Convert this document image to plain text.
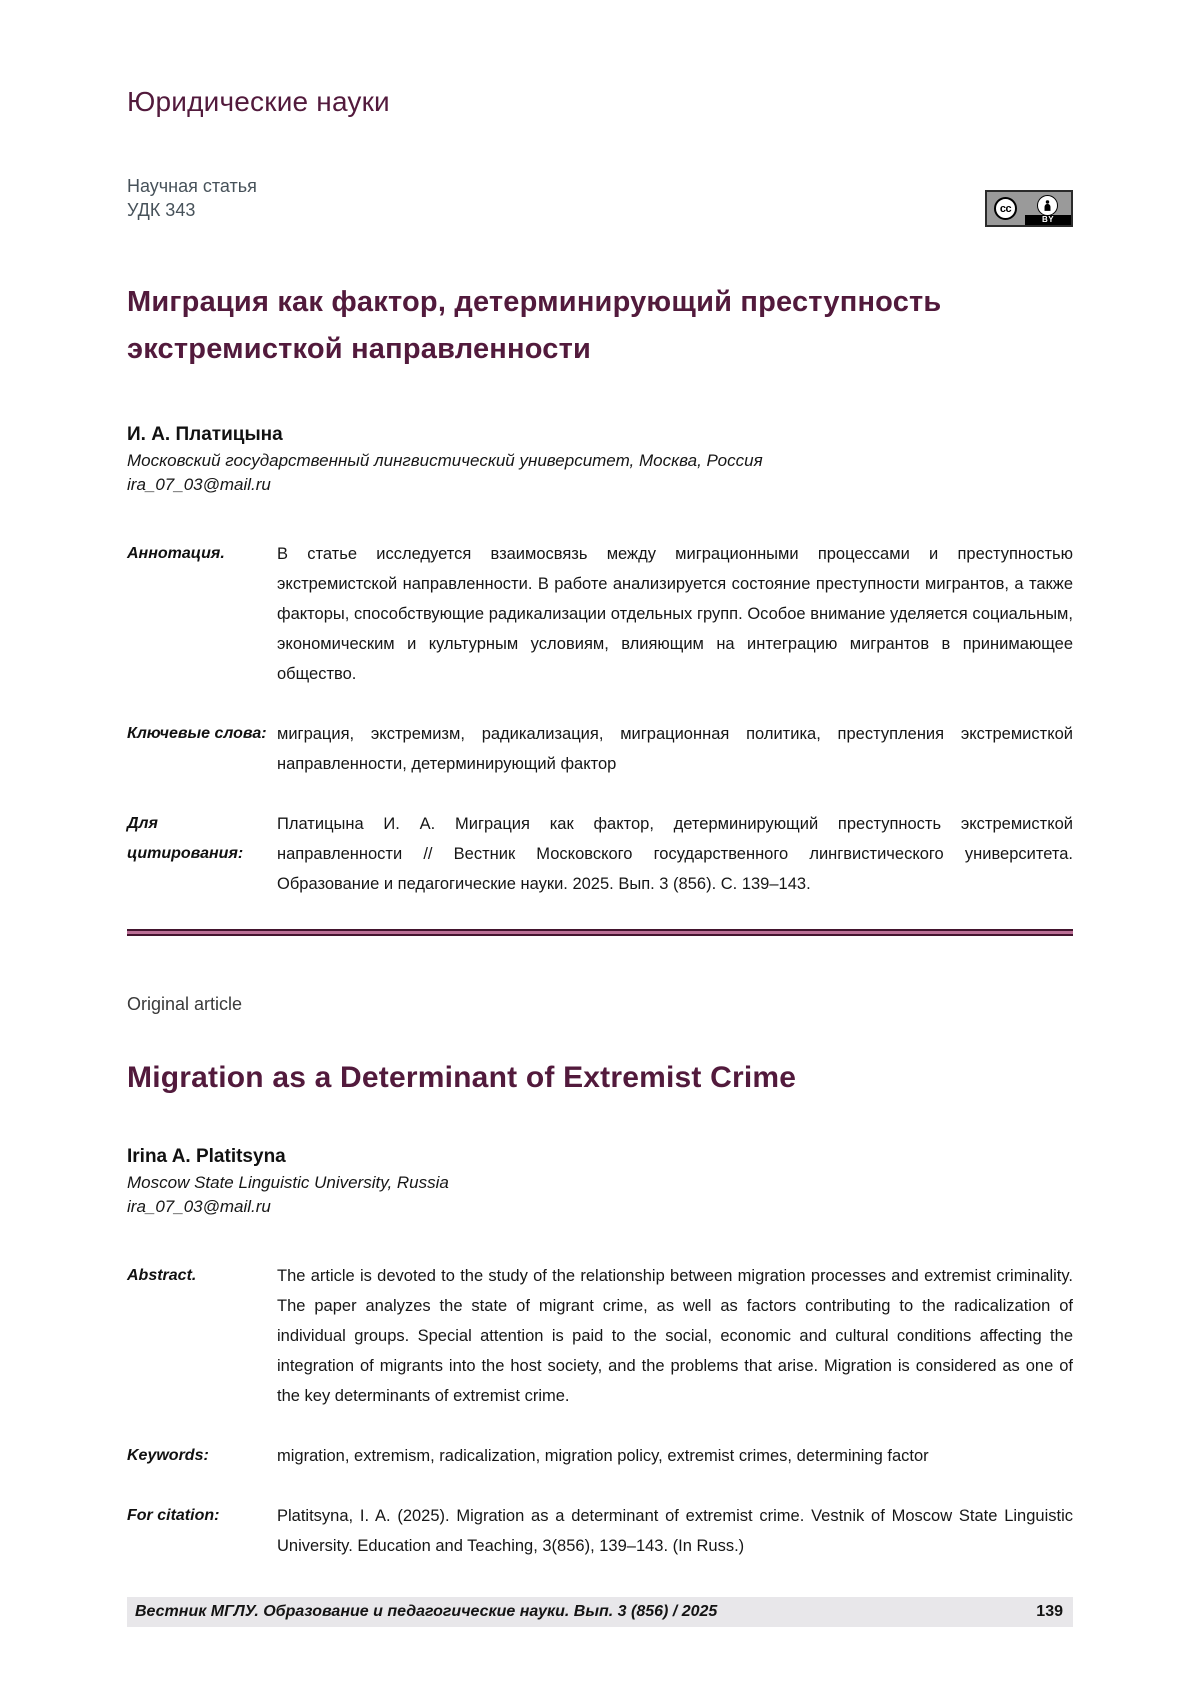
Юридические науки
Научная статья
УДК 343	cc
BY
Миграция как фактор, детерминирующий преступность экстремисткой направленности
И. А. Платицына
Московский государственный лингвистический университет, Москва, Россия
ira_07_03@mail.ru
Аннотация.	В статье исследуется взаимосвязь между миграционными процессами и преступностью экстремистской направленности. В работе анализируется состояние преступности мигрантов, а также факторы, способствующие радикализации отдельных групп. Особое внимание уделяется социальным, экономическим и культурным условиям, влияющим на интеграцию мигрантов в принимающее общество.
Ключевые слова: миграция, экстремизм, радикализация, миграционная политика, преступления экстремисткой направленности, детерминирующий фактор
Для цитирования:
Платицына И. А. Миграция как фактор, детерминирующий преступность экстремисткой направленности // Вестник Московского государственного лингвистического университета. Образование и педагогические науки. 2025. Вып. 3 (856). С. 139–143.
Original article
Migration as a Determinant of Extremist Crime
Irina A. Platitsyna
Moscow State Linguistic University, Russia
ira_07_03@mail.ru
Abstract.	The article is devoted to the study of the relationship between migration processes and extremist criminality. The paper analyzes the state of migrant crime, as well as factors contributing to the radicalization of individual groups. Special attention is paid to the social, economic and cultural conditions affecting the integration of migrants into the host society, and the problems that arise. Migration is considered as one of the key determinants of extremist crime.
Keywords:	migration, extremism, radicalization, migration policy, extremist crimes, determining factor
For citation:	Platitsyna, I. A. (2025). Migration as a determinant of extremist crime. Vestnik of Moscow State Linguistic University. Education and Teaching, 3(856), 139–143. (In Russ.)
Вестник МГЛУ. Образование и педагогические науки. Вып. 3 (856) / 2025	139
